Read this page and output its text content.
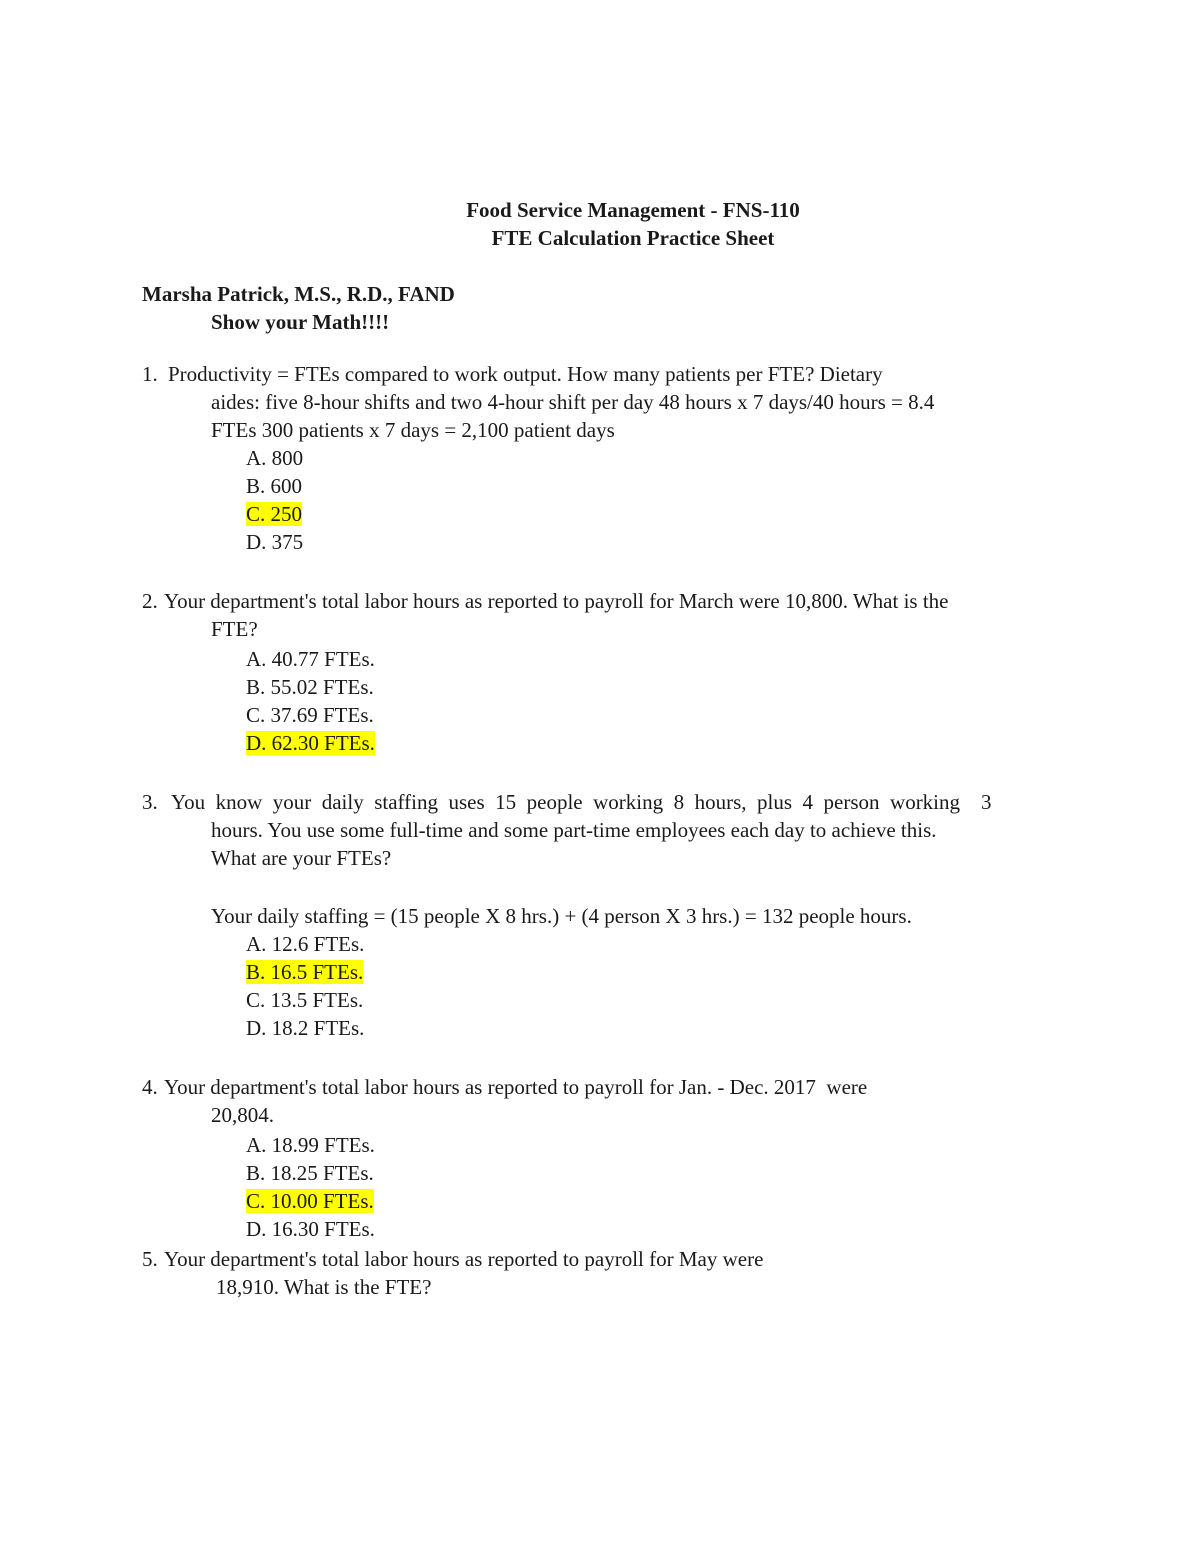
Food Service Management - FNS-110
FTE Calculation Practice Sheet
Marsha Patrick, M.S., R.D., FAND
Show your Math!!!!
1. Productivity = FTEs compared to work output. How many patients per FTE? Dietary
aides: five 8-hour shifts and two 4-hour shift per day 48 hours x 7 days/40 hours = 8.4
FTEs 300 patients x 7 days = 2,100 patient days
A. 800
B. 600
C. 250
D. 375
2. Your department's total labor hours as reported to payroll for March were 10,800. What is the
FTE?
A. 40.77 FTEs.
B. 55.02 FTEs.
C. 37.69 FTEs.
D. 62.30 FTEs.
3. You  know  your  daily  staffing  uses  15  people  working  8  hours,  plus  4  person  working    3
hours. You use some full-time and some part-time employees each day to achieve this.
What are your FTEs?
Your daily staffing = (15 people X 8 hrs.) + (4 person X 3 hrs.) = 132 people hours.
A. 12.6 FTEs.
B. 16.5 FTEs.
C. 13.5 FTEs.
D. 18.2 FTEs.
4. Your department's total labor hours as reported to payroll for Jan. - Dec. 2017  were
20,804.
A. 18.99 FTEs.
B. 18.25 FTEs.
C. 10.00 FTEs.
D. 16.30 FTEs.
5. Your department's total labor hours as reported to payroll for May were
18,910. What is the FTE?
